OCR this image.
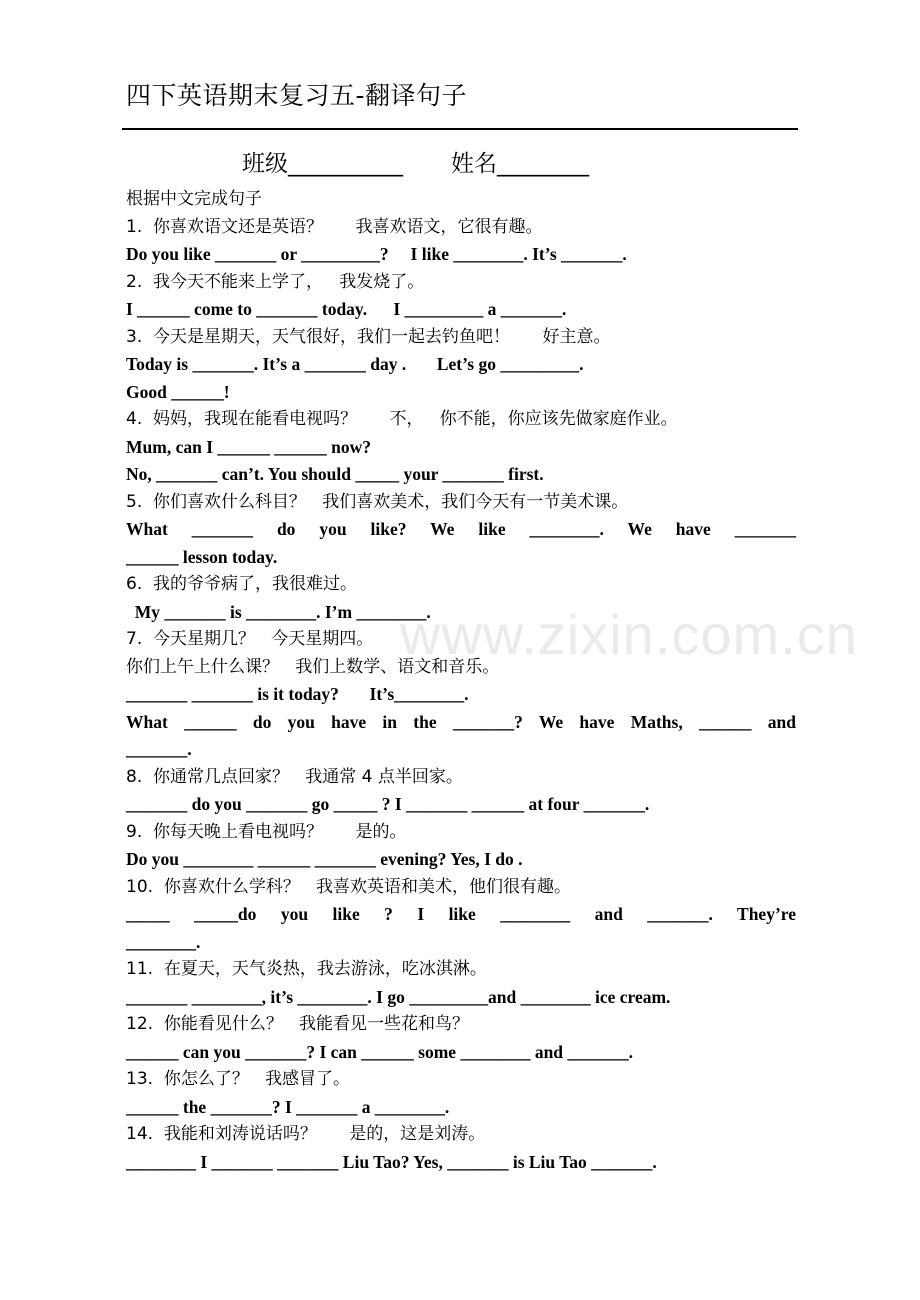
四下英语期末复习五-翻译句子
班级__________ 姓名________
根据中文完成句子
1.  你喜欢语文还是英语？      我喜欢语文，它很有趣。
Do you like _______ or _________?     I like ________. It’s _______.
2.  我今天不能来上学了，   我发烧了。
I ______ come to _______ today.      I _________ a _______.
3.  今天是星期天，天气很好，我们一起去钓鱼吧！      好主意。
Today is _______. It’s a _______ day .       Let’s go _________.
Good ______!
4.  妈妈，我现在能看电视吗？      不，   你不能，你应该先做家庭作业。
Mum, can I ______ ______ now?
No, _______ can’t. You should _____ your _______ first.
5.  你们喜欢什么科目？   我们喜欢美术，我们今天有一节美术课。
What _______ do you like? We like ________. We have _______
______ lesson today.
6.  我的爷爷病了，我很难过。
My _______ is ________. I’m ________.
7.  今天星期几？   今天星期四。
你们上午上什么课？   我们上数学、语文和音乐。
_______ _______ is it today?       It’s________.
What ______ do you have in the _______? We have Maths, ______ and
_______.
8.  你通常几点回家？   我通常 4 点半回家。
_______ do you _______ go _____ ? I _______ ______ at four _______.
9.  你每天晚上看电视吗？      是的。
Do you ________ ______ _______ evening? Yes, I do .
10.  你喜欢什么学科？   我喜欢英语和美术，他们很有趣。
_____ _____do you like ? I like ________ and _______. They’re
________.
11.  在夏天，天气炎热，我去游泳，吃冰淇淋。
_______ ________, it’s ________. I go _________and ________ ice cream.
12.  你能看见什么？   我能看见一些花和鸟？
______ can you _______? I can ______ some ________ and _______.
13.  你怎么了？   我感冒了。
______ the _______? I _______ a ________.
14.  我能和刘涛说话吗？      是的，这是刘涛。
________ I _______ _______ Liu Tao? Yes, _______ is Liu Tao _______.
www.zixin.com.cn
